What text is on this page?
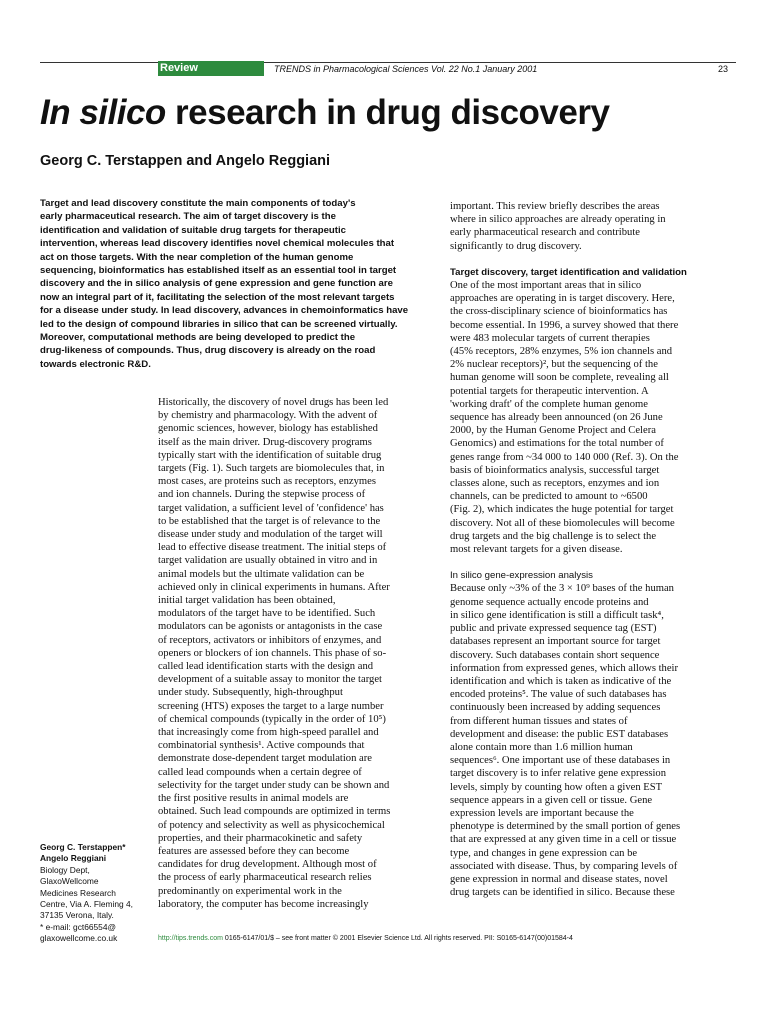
Review	TRENDS in Pharmacological Sciences Vol. 22 No.1 January 2001	23
In silico research in drug discovery
Georg C. Terstappen and Angelo Reggiani
Target and lead discovery constitute the main components of today's
early pharmaceutical research. The aim of target discovery is the
identification and validation of suitable drug targets for therapeutic
intervention, whereas lead discovery identifies novel chemical molecules that
act on those targets. With the near completion of the human genome
sequencing, bioinformatics has established itself as an essential tool in target
discovery and the in silico analysis of gene expression and gene function are
now an integral part of it, facilitating the selection of the most relevant targets
for a disease under study. In lead discovery, advances in chemoinformatics have
led to the design of compound libraries in silico that can be screened virtually.
Moreover, computational methods are being developed to predict the
drug-likeness of compounds. Thus, drug discovery is already on the road
towards electronic R&D.
Historically, the discovery of novel drugs has been led
by chemistry and pharmacology. With the advent of
genomic sciences, however, biology has established
itself as the main driver. Drug-discovery programs
typically start with the identification of suitable drug
targets (Fig. 1). Such targets are biomolecules that, in
most cases, are proteins such as receptors, enzymes
and ion channels. During the stepwise process of
target validation, a sufficient level of 'confidence' has
to be established that the target is of relevance to the
disease under study and modulation of the target will
lead to effective disease treatment. The initial steps of
target validation are usually obtained in vitro and in
animal models but the ultimate validation can be
achieved only in clinical experiments in humans. After
initial target validation has been obtained,
modulators of the target have to be identified. Such
modulators can be agonists or antagonists in the case
of receptors, activators or inhibitors of enzymes, and
openers or blockers of ion channels. This phase of so-
called lead identification starts with the design and
development of a suitable assay to monitor the target
under study. Subsequently, high-throughput
screening (HTS) exposes the target to a large number
of chemical compounds (typically in the order of 10⁵)
that increasingly come from high-speed parallel and
combinatorial synthesis¹. Active compounds that
demonstrate dose-dependent target modulation are
called lead compounds when a certain degree of
selectivity for the target under study can be shown and
the first positive results in animal models are
obtained. Such lead compounds are optimized in terms
of potency and selectivity as well as physicochemical
properties, and their pharmacokinetic and safety
features are assessed before they can become
candidates for drug development. Although most of
the process of early pharmaceutical research relies
predominantly on experimental work in the
laboratory, the computer has become increasingly
important. This review briefly describes the areas
where in silico approaches are already operating in
early pharmaceutical research and contribute
significantly to drug discovery.
Target discovery, target identification and validation
One of the most important areas that in silico
approaches are operating in is target discovery. Here,
the cross-disciplinary science of bioinformatics has
become essential. In 1996, a survey showed that there
were 483 molecular targets of current therapies
(45% receptors, 28% enzymes, 5% ion channels and
2% nuclear receptors)², but the sequencing of the
human genome will soon be complete, revealing all
potential targets for therapeutic intervention. A
'working draft' of the complete human genome
sequence has already been announced (on 26 June
2000, by the Human Genome Project and Celera
Genomics) and estimations for the total number of
genes range from ~34 000 to 140 000 (Ref. 3). On the
basis of bioinformatics analysis, successful target
classes alone, such as receptors, enzymes and ion
channels, can be predicted to amount to ~6500
(Fig. 2), which indicates the huge potential for target
discovery. Not all of these biomolecules will become
drug targets and the big challenge is to select the
most relevant targets for a given disease.
In silico gene-expression analysis
Because only ~3% of the 3 × 10⁹ bases of the human
genome sequence actually encode proteins and
in silico gene identification is still a difficult task⁴,
public and private expressed sequence tag (EST)
databases represent an important source for target
discovery. Such databases contain short sequence
information from expressed genes, which allows their
identification and which is taken as indicative of the
encoded proteins⁵. The value of such databases has
continuously been increased by adding sequences
from different human tissues and states of
development and disease: the public EST databases
alone contain more than 1.6 million human
sequences⁶. One important use of these databases in
target discovery is to infer relative gene expression
levels, simply by counting how often a given EST
sequence appears in a given cell or tissue. Gene
expression levels are important because the
phenotype is determined by the small portion of genes
that are expressed at any given time in a cell or tissue
type, and changes in gene expression can be
associated with disease. Thus, by comparing levels of
gene expression in normal and disease states, novel
drug targets can be identified in silico. Because these
Georg C. Terstappen*
Angelo Reggiani
Biology Dept,
GlaxoWellcome
Medicines Research
Centre, Via A. Fleming 4,
37135 Verona, Italy.
* e-mail: gct66554@
glaxowellcome.co.uk	http://tips.trends.com 0165-6147/01/$ – see front matter © 2001 Elsevier Science Ltd. All rights reserved. PII: S0165-6147(00)01584-4
